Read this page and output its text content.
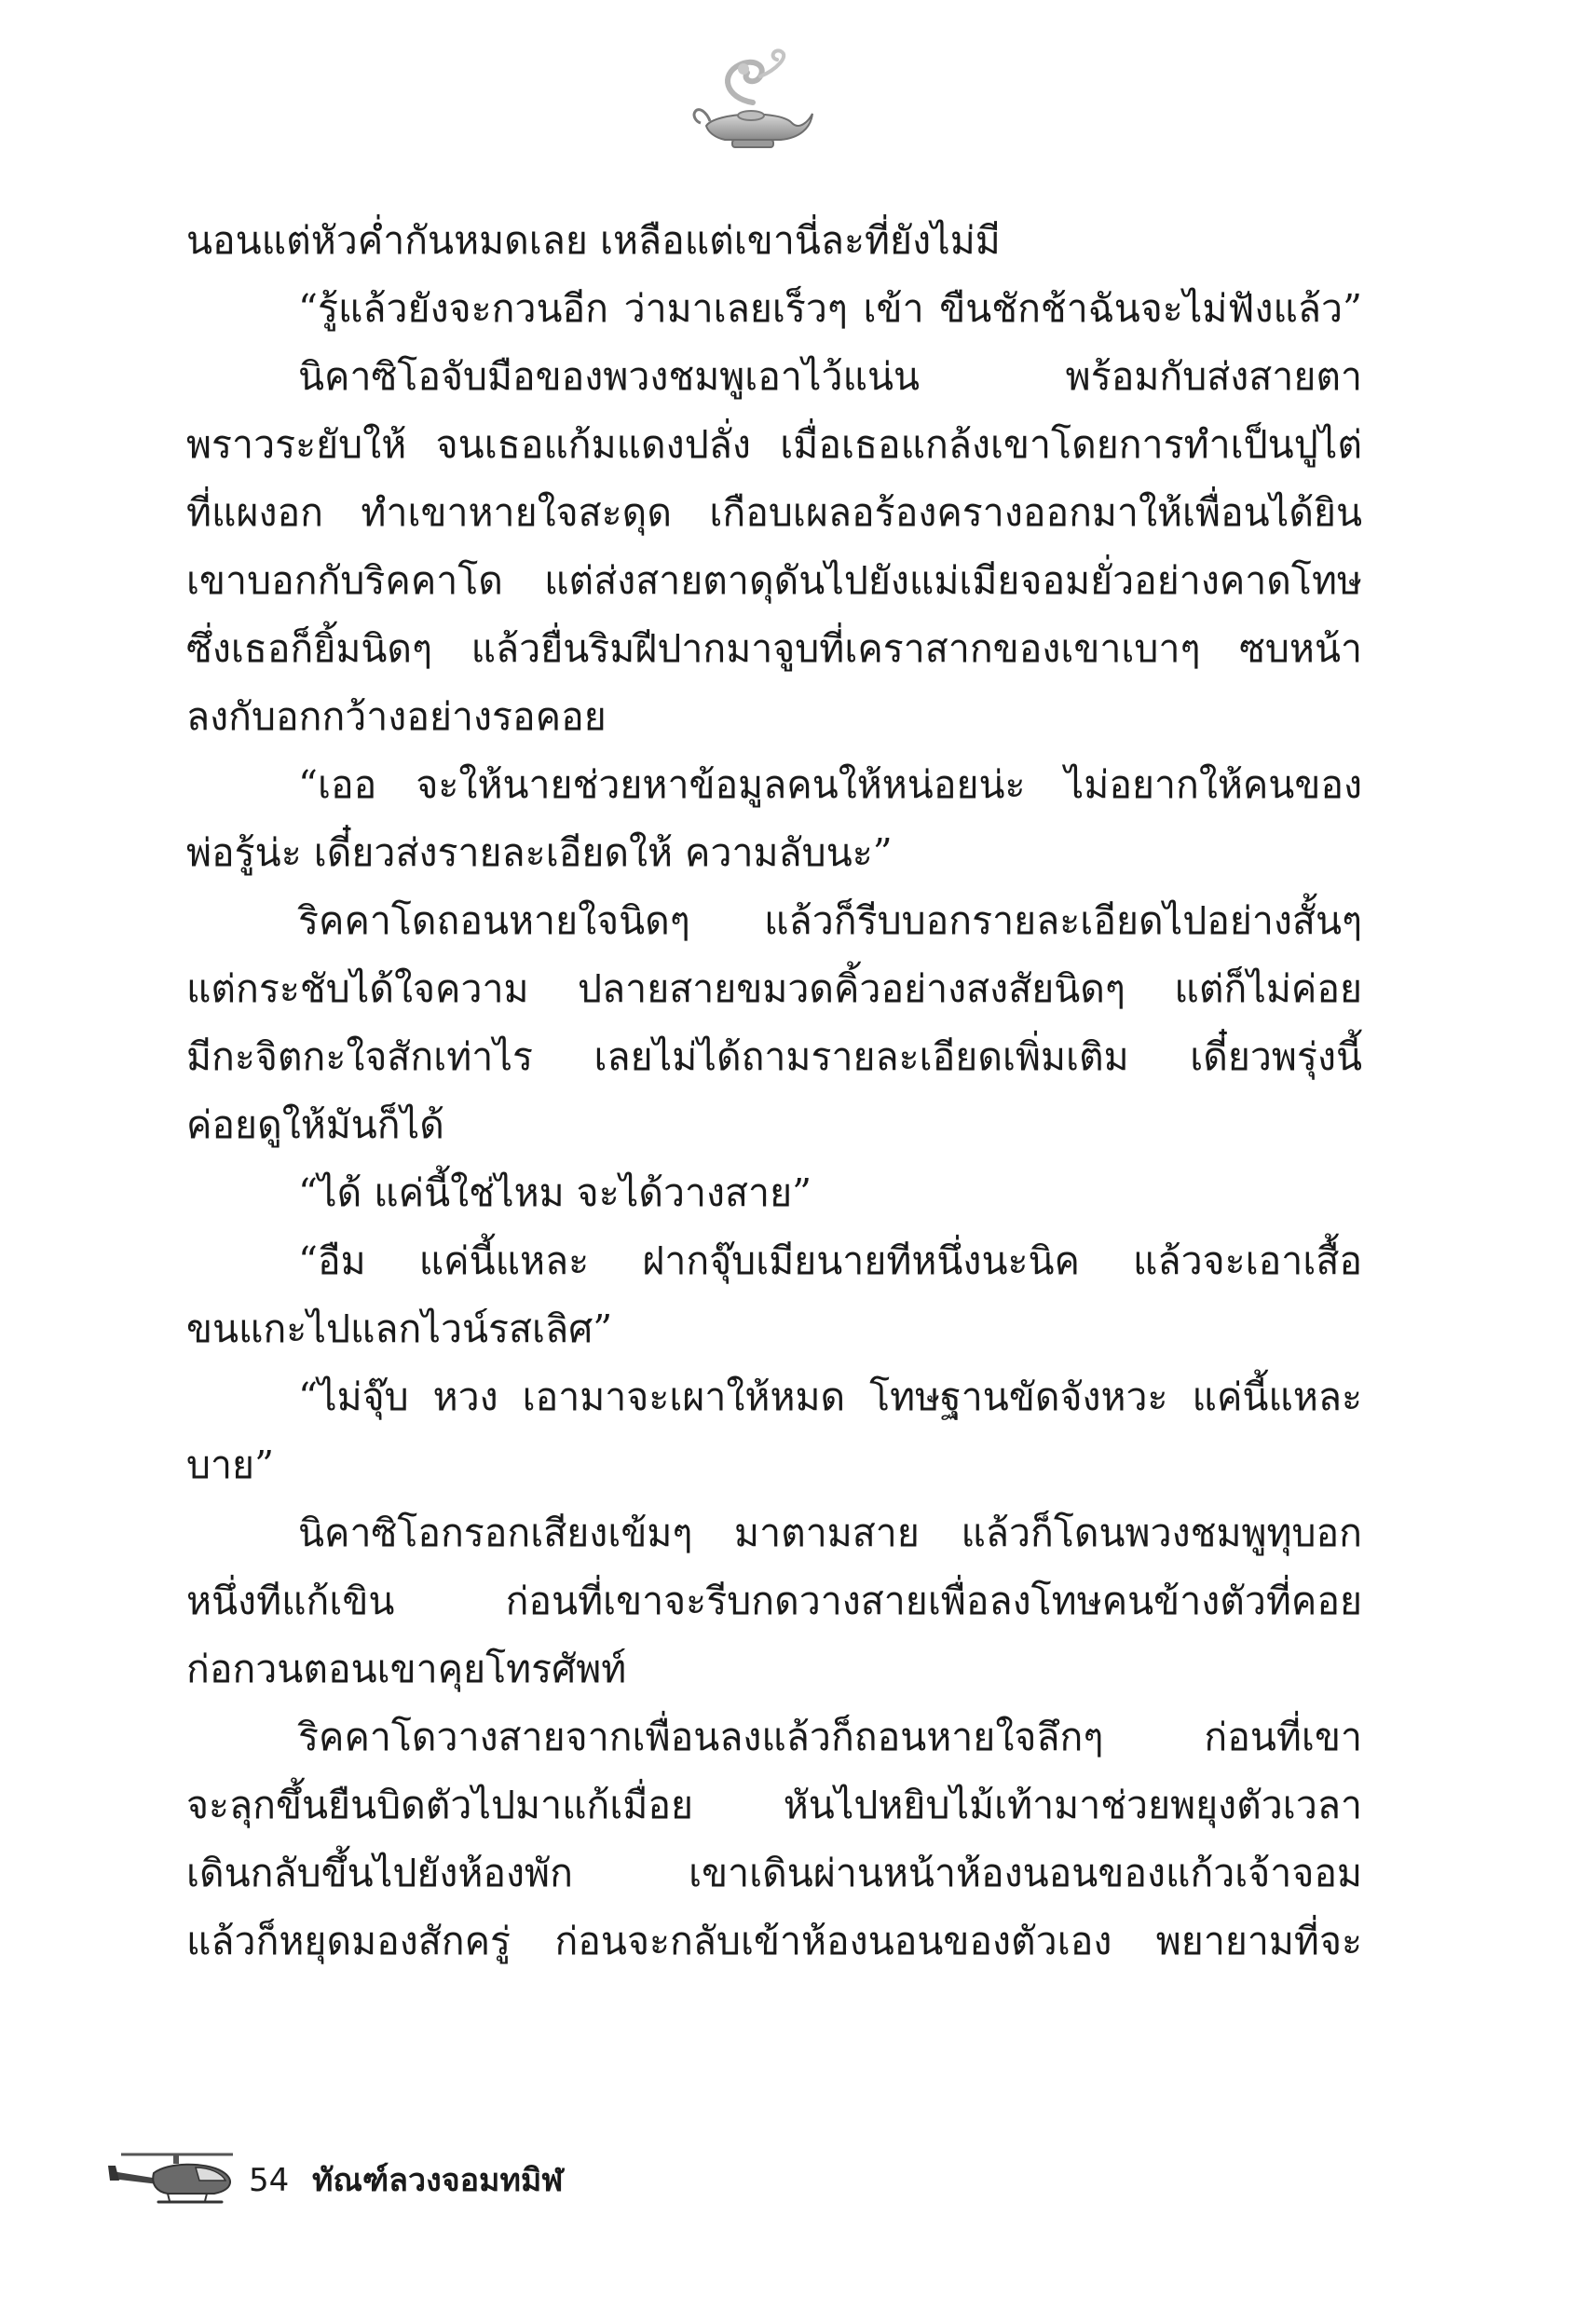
นอนแต่หัวค่ำกันหมดเลย เหลือแต่เขานี่ละที่ยังไม่มี
“รู้แล้วยังจะกวนอีก ว่ามาเลยเร็วๆ เข้า ขืนชักช้าฉันจะไม่ฟังแล้ว”
นิคาซิโอจับมือของพวงชมพูเอาไว้แน่น พร้อมกับส่งสายตา
พราวระยับให้ จนเธอแก้มแดงปลั่ง เมื่อเธอแกล้งเขาโดยการทำเป็นปูไต่
ที่แผงอก ทำเขาหายใจสะดุด เกือบเผลอร้องครางออกมาให้เพื่อนได้ยิน
เขาบอกกับริคคาโด แต่ส่งสายตาดุดันไปยังแม่เมียจอมยั่วอย่างคาดโทษ
ซึ่งเธอก็ยิ้มนิดๆ แล้วยื่นริมฝีปากมาจูบที่เคราสากของเขาเบาๆ ซบหน้า
ลงกับอกกว้างอย่างรอคอย
“เออ จะให้นายช่วยหาข้อมูลคนให้หน่อยน่ะ ไม่อยากให้คนของ
พ่อรู้น่ะ เดี๋ยวส่งรายละเอียดให้ ความลับนะ”
ริคคาโดถอนหายใจนิดๆ แล้วก็รีบบอกรายละเอียดไปอย่างสั้นๆ
แต่กระชับได้ใจความ ปลายสายขมวดคิ้วอย่างสงสัยนิดๆ แต่ก็ไม่ค่อย
มีกะจิตกะใจสักเท่าไร เลยไม่ได้ถามรายละเอียดเพิ่มเติม เดี๋ยวพรุ่งนี้
ค่อยดูให้มันก็ได้
“ได้ แค่นี้ใช่ไหม จะได้วางสาย”
“อืม แค่นี้แหละ ฝากจุ๊บเมียนายทีหนึ่งนะนิค แล้วจะเอาเสื้อ
ขนแกะไปแลกไวน์รสเลิศ”
“ไม่จุ๊บ หวง เอามาจะเผาให้หมด โทษฐานขัดจังหวะ แค่นี้แหละ
บาย”
นิคาซิโอกรอกเสียงเข้มๆ มาตามสาย แล้วก็โดนพวงชมพูทุบอก
หนึ่งทีแก้เขิน ก่อนที่เขาจะรีบกดวางสายเพื่อลงโทษคนข้างตัวที่คอย
ก่อกวนตอนเขาคุยโทรศัพท์
ริคคาโดวางสายจากเพื่อนลงแล้วก็ถอนหายใจลึกๆ ก่อนที่เขา
จะลุกขึ้นยืนบิดตัวไปมาแก้เมื่อย หันไปหยิบไม้เท้ามาช่วยพยุงตัวเวลา
เดินกลับขึ้นไปยังห้องพัก เขาเดินผ่านหน้าห้องนอนของแก้วเจ้าจอม
แล้วก็หยุดมองสักครู่ ก่อนจะกลับเข้าห้องนอนของตัวเอง พยายามที่จะ
54 ทัณฑ์ลวงจอมทมิฬ
